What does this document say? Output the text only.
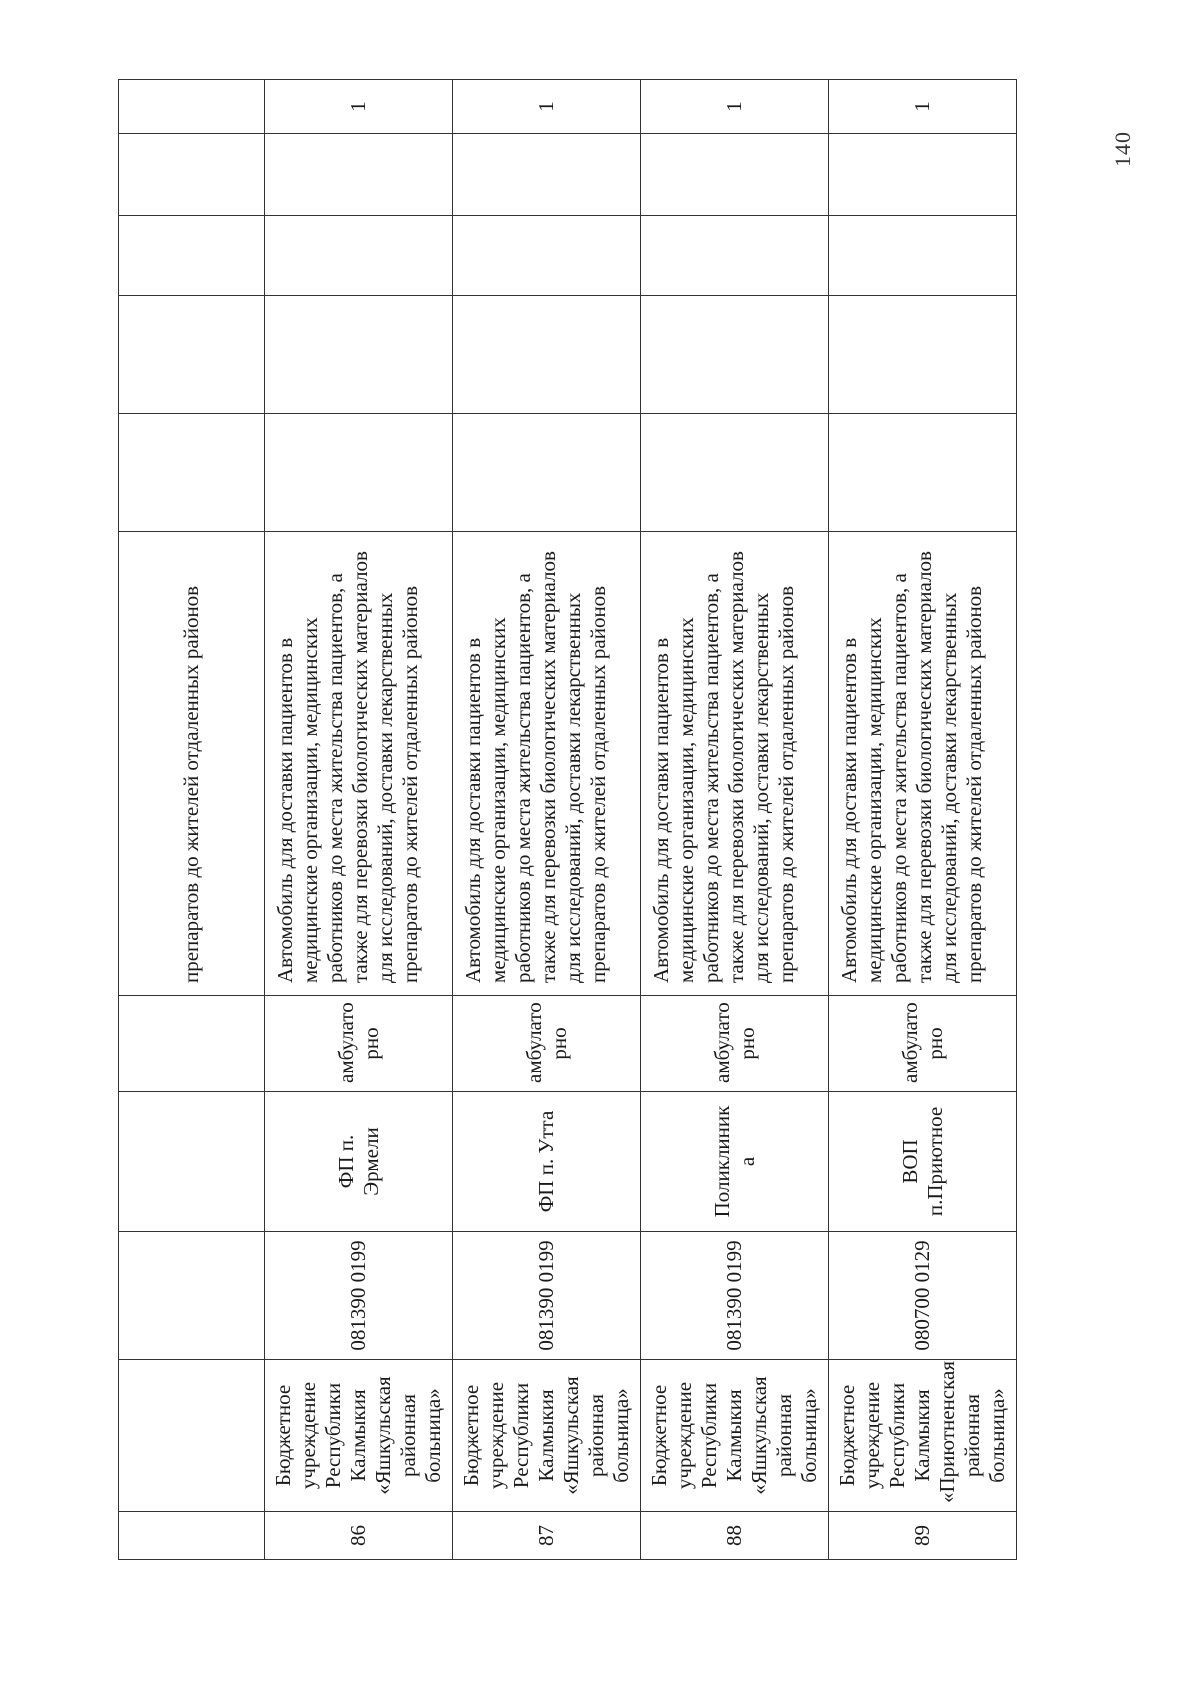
					препаратов до жителей отдаленных районов					
86	Бюджетное учреждение Республики Калмыкия «Яшкульская районная больница»	081390 0199	ФП п. Эрмели	амбулато рно	Автомобиль для доставки пациентов в медицинские организации, медицинских работников до места жительства пациентов, а также для перевозки биологических материалов для исследований, доставки лекарственных препаратов до жителей отдаленных районов					1
87	Бюджетное учреждение Республики Калмыкия «Яшкульская районная больница»	081390 0199	ФП п. Утта	амбулато рно	Автомобиль для доставки пациентов в медицинские организации, медицинских работников до места жительства пациентов, а также для перевозки биологических материалов для исследований, доставки лекарственных препаратов до жителей отдаленных районов					1
88	Бюджетное учреждение Республики Калмыкия «Яшкульская районная больница»	081390 0199	Поликлиник а	амбулато рно	Автомобиль для доставки пациентов в медицинские организации, медицинских работников до места жительства пациентов, а также для перевозки биологических материалов для исследований, доставки лекарственных препаратов до жителей отдаленных районов					1
89	Бюджетное учреждение Республики Калмыкия «Приютненская районная больница»	080700 0129	ВОП п.Приютное	амбулато рно	Автомобиль для доставки пациентов в медицинские организации, медицинских работников до места жительства пациентов, а также для перевозки биологических материалов для исследований, доставки лекарственных препаратов до жителей отдаленных районов					1
140
